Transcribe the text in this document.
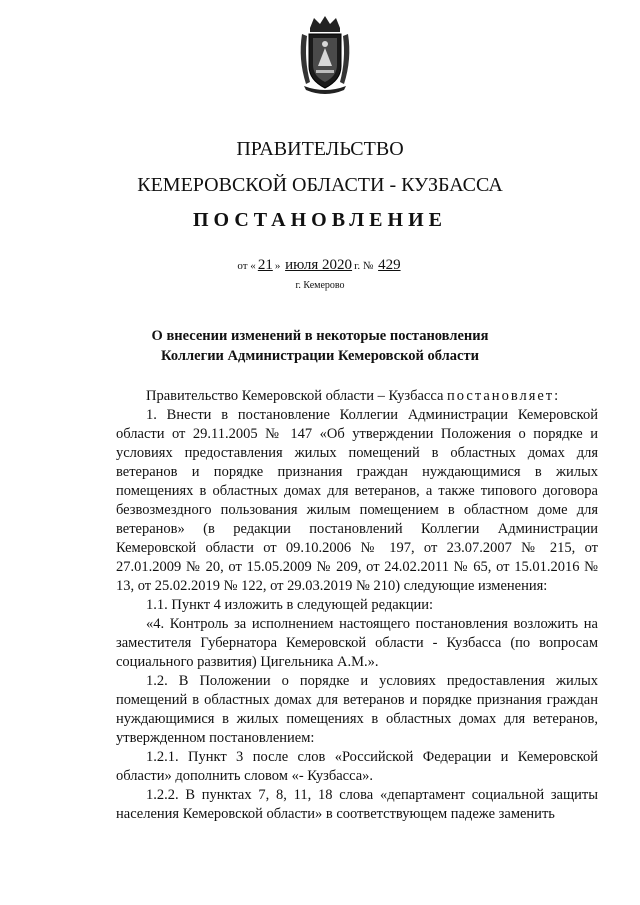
ПРАВИТЕЛЬСТВО
КЕМЕРОВСКОЙ ОБЛАСТИ - КУЗБАССА
ПОСТАНОВЛЕНИЕ
от « 21 » июля 2020 г. № 429
г. Кемерово
О внесении изменений в некоторые постановления
Коллегии Администрации Кемеровской области

Правительство Кемеровской области – Кузбасса постановляет:

1. Внести в постановление Коллегии Администрации Кемеровской области от 29.11.2005 № 147 «Об утверждении Положения о порядке и условиях предоставления жилых помещений в областных домах для ветеранов и порядке признания граждан нуждающимися в жилых помещениях в областных домах для ветеранов, а также типового договора безвозмездного пользования жилым помещением в областном доме для ветеранов» (в редакции постановлений Коллегии Администрации Кемеровской области от 09.10.2006 № 197, от 23.07.2007 № 215, от 27.01.2009 № 20, от 15.05.2009 № 209, от 24.02.2011 № 65, от 15.01.2016 № 13, от 25.02.2019 № 122, от 29.03.2019 № 210) следующие изменения:

1.1. Пункт 4 изложить в следующей редакции:

«4. Контроль за исполнением настоящего постановления возложить на заместителя Губернатора Кемеровской области - Кузбасса (по вопросам социального развития) Цигельника А.М.».

1.2. В Положении о порядке и условиях предоставления жилых помещений в областных домах для ветеранов и порядке признания граждан нуждающимися в жилых помещениях в областных домах для ветеранов, утвержденном постановлением:

1.2.1. Пункт 3 после слов «Российской Федерации и Кемеровской области» дополнить словом «- Кузбасса».

1.2.2. В пунктах 7, 8, 11, 18 слова «департамент социальной защиты населения Кемеровской области» в соответствующем падеже заменить
